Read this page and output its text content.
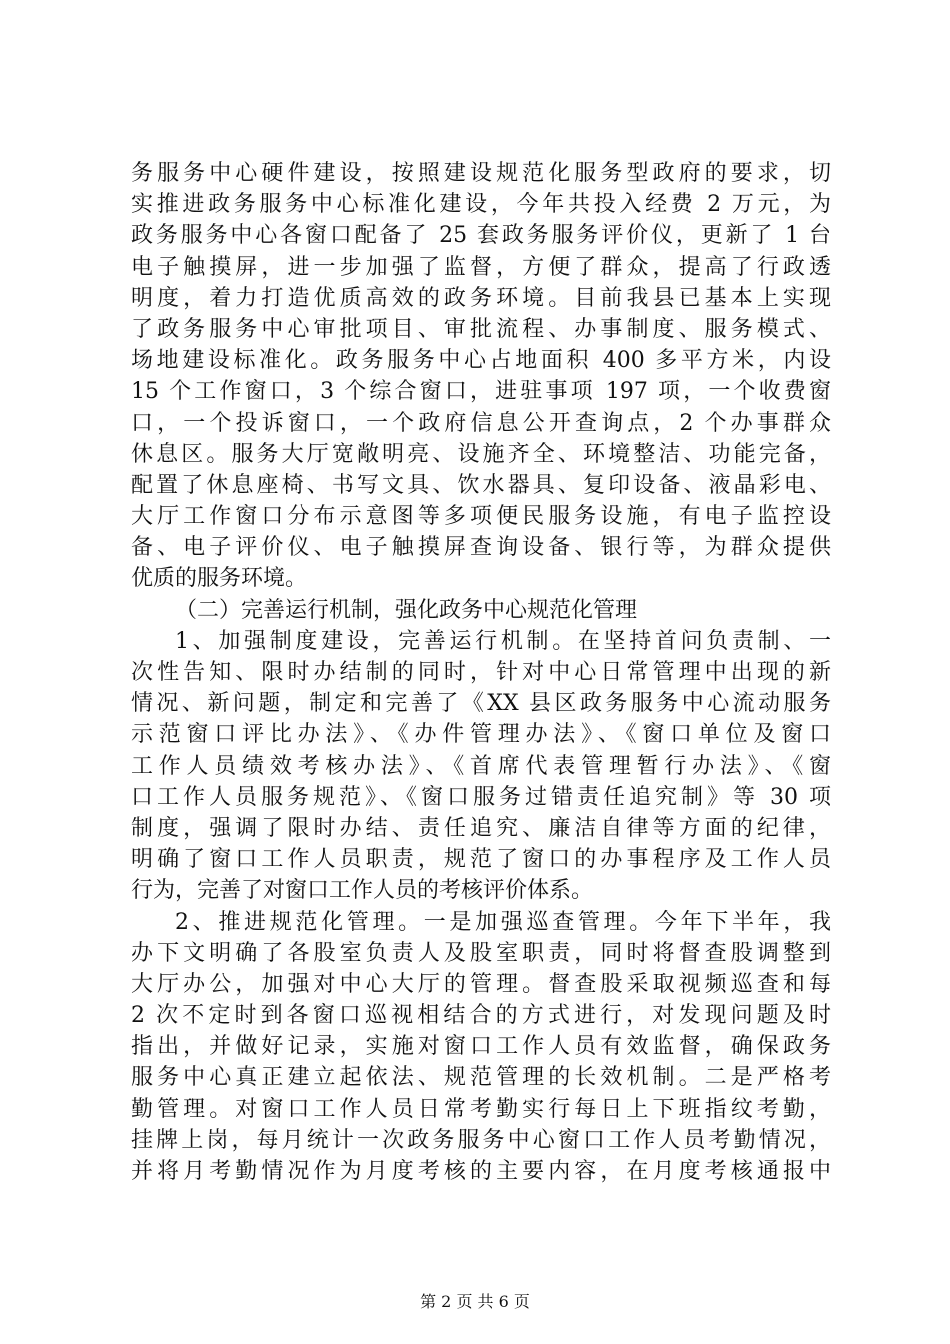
务服务中心硬件建设，按照建设规范化服务型政府的要求，切
实推进政务服务中心标准化建设，今年共投入经费 2 万元，为
政务服务中心各窗口配备了 25 套政务服务评价仪，更新了 1 台
电子触摸屏，进一步加强了监督，方便了群众，提高了行政透
明度，着力打造优质高效的政务环境。目前我县已基本上实现
了政务服务中心审批项目、审批流程、办事制度、服务模式、
场地建设标准化。政务服务中心占地面积 400 多平方米，内设
15 个工作窗口，3 个综合窗口，进驻事项 197 项，一个收费窗
口，一个投诉窗口，一个政府信息公开查询点，2 个办事群众
休息区。服务大厅宽敞明亮、设施齐全、环境整洁、功能完备，
配置了休息座椅、书写文具、饮水器具、复印设备、液晶彩电、
大厅工作窗口分布示意图等多项便民服务设施，有电子监控设
备、电子评价仪、电子触摸屏查询设备、银行等，为群众提供
优质的服务环境。
（二）完善运行机制，强化政务中心规范化管理
1、加强制度建设，完善运行机制。在坚持首问负责制、一
次性告知、限时办结制的同时，针对中心日常管理中出现的新
情况、新问题，制定和完善了《XX 县区政务服务中心流动服务
示范窗口评比办法》、《办件管理办法》、《窗口单位及窗口
工作人员绩效考核办法》、《首席代表管理暂行办法》、《窗
口工作人员服务规范》、《窗口服务过错责任追究制》等 30 项
制度，强调了限时办结、责任追究、廉洁自律等方面的纪律，
明确了窗口工作人员职责，规范了窗口的办事程序及工作人员
行为，完善了对窗口工作人员的考核评价体系。
2、推进规范化管理。一是加强巡查管理。今年下半年，我
办下文明确了各股室负责人及股室职责，同时将督查股调整到
大厅办公，加强对中心大厅的管理。督查股采取视频巡查和每
2 次不定时到各窗口巡视相结合的方式进行，对发现问题及时
指出，并做好记录，实施对窗口工作人员有效监督，确保政务
服务中心真正建立起依法、规范管理的长效机制。二是严格考
勤管理。对窗口工作人员日常考勤实行每日上下班指纹考勤，
挂牌上岗，每月统计一次政务服务中心窗口工作人员考勤情况，
并将月考勤情况作为月度考核的主要内容，在月度考核通报中
第 2 页 共 6 页
